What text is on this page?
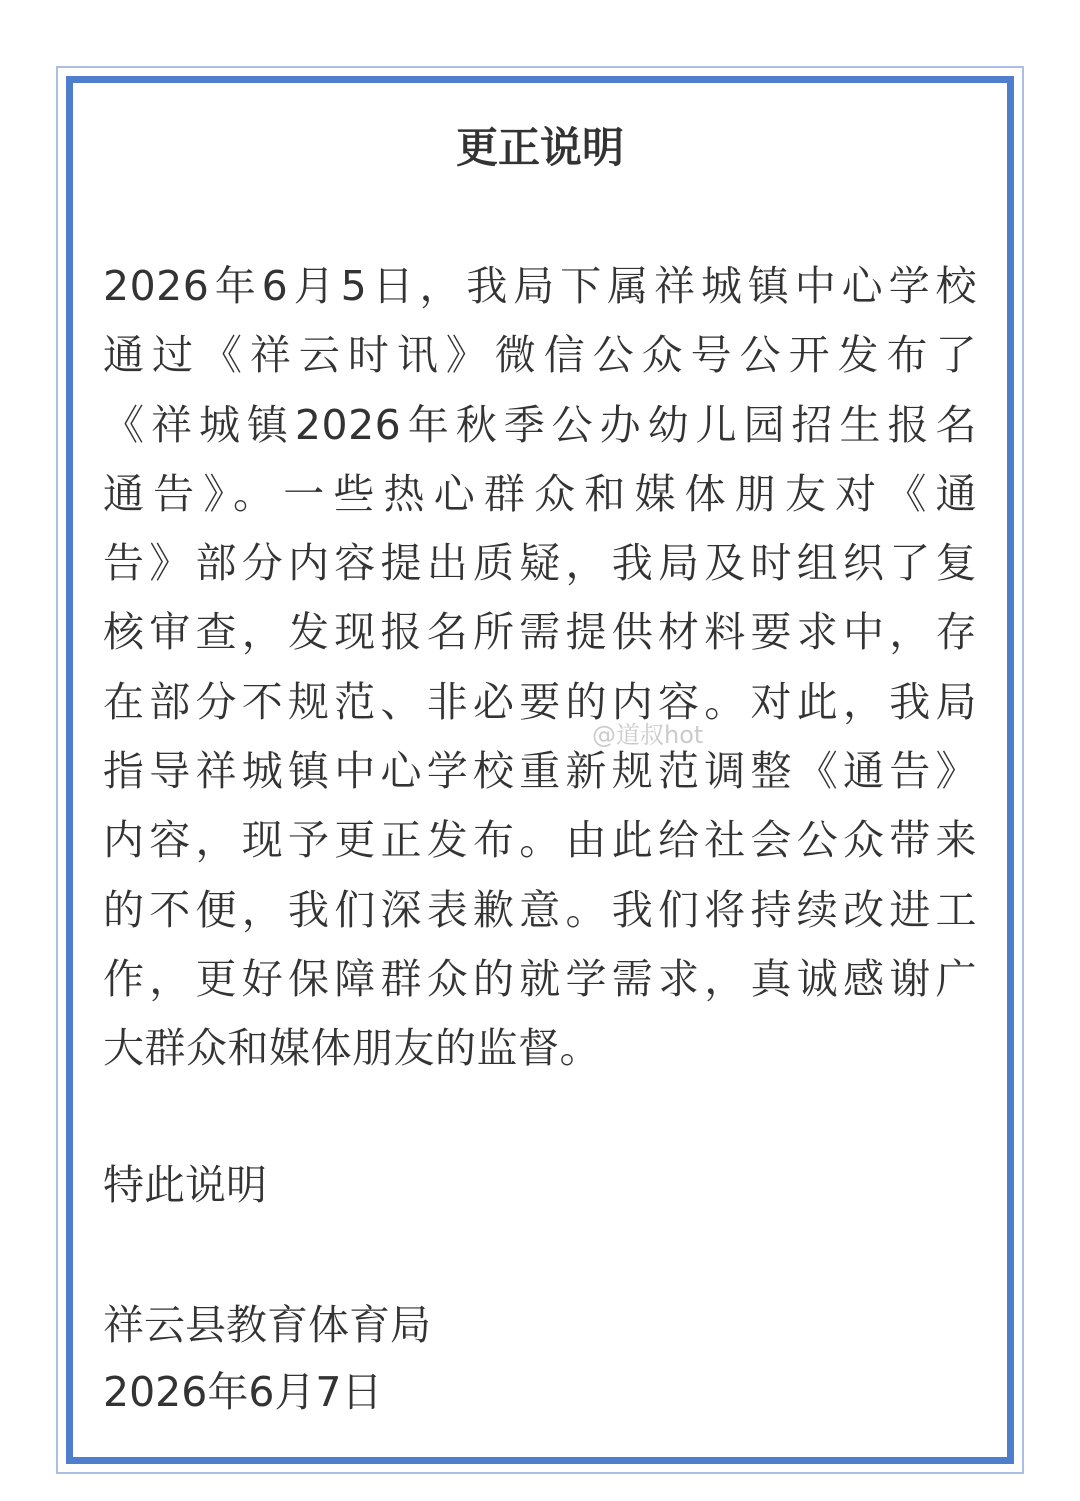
更正说明
2026年6月5日，我局下属祥城镇中心学校
通过《祥云时讯》微信公众号公开发布了
《祥城镇2026年秋季公办幼儿园招生报名
通告》。一些热心群众和媒体朋友对《通
告》部分内容提出质疑，我局及时组织了复
核审查，发现报名所需提供材料要求中，存
在部分不规范、非必要的内容。对此，我局
指导祥城镇中心学校重新规范调整《通告》
内容，现予更正发布。由此给社会公众带来
的不便，我们深表歉意。我们将持续改进工
作，更好保障群众的就学需求，真诚感谢广
大群众和媒体朋友的监督。
@道叔hot
特此说明
祥云县教育体育局
2026年6月7日
